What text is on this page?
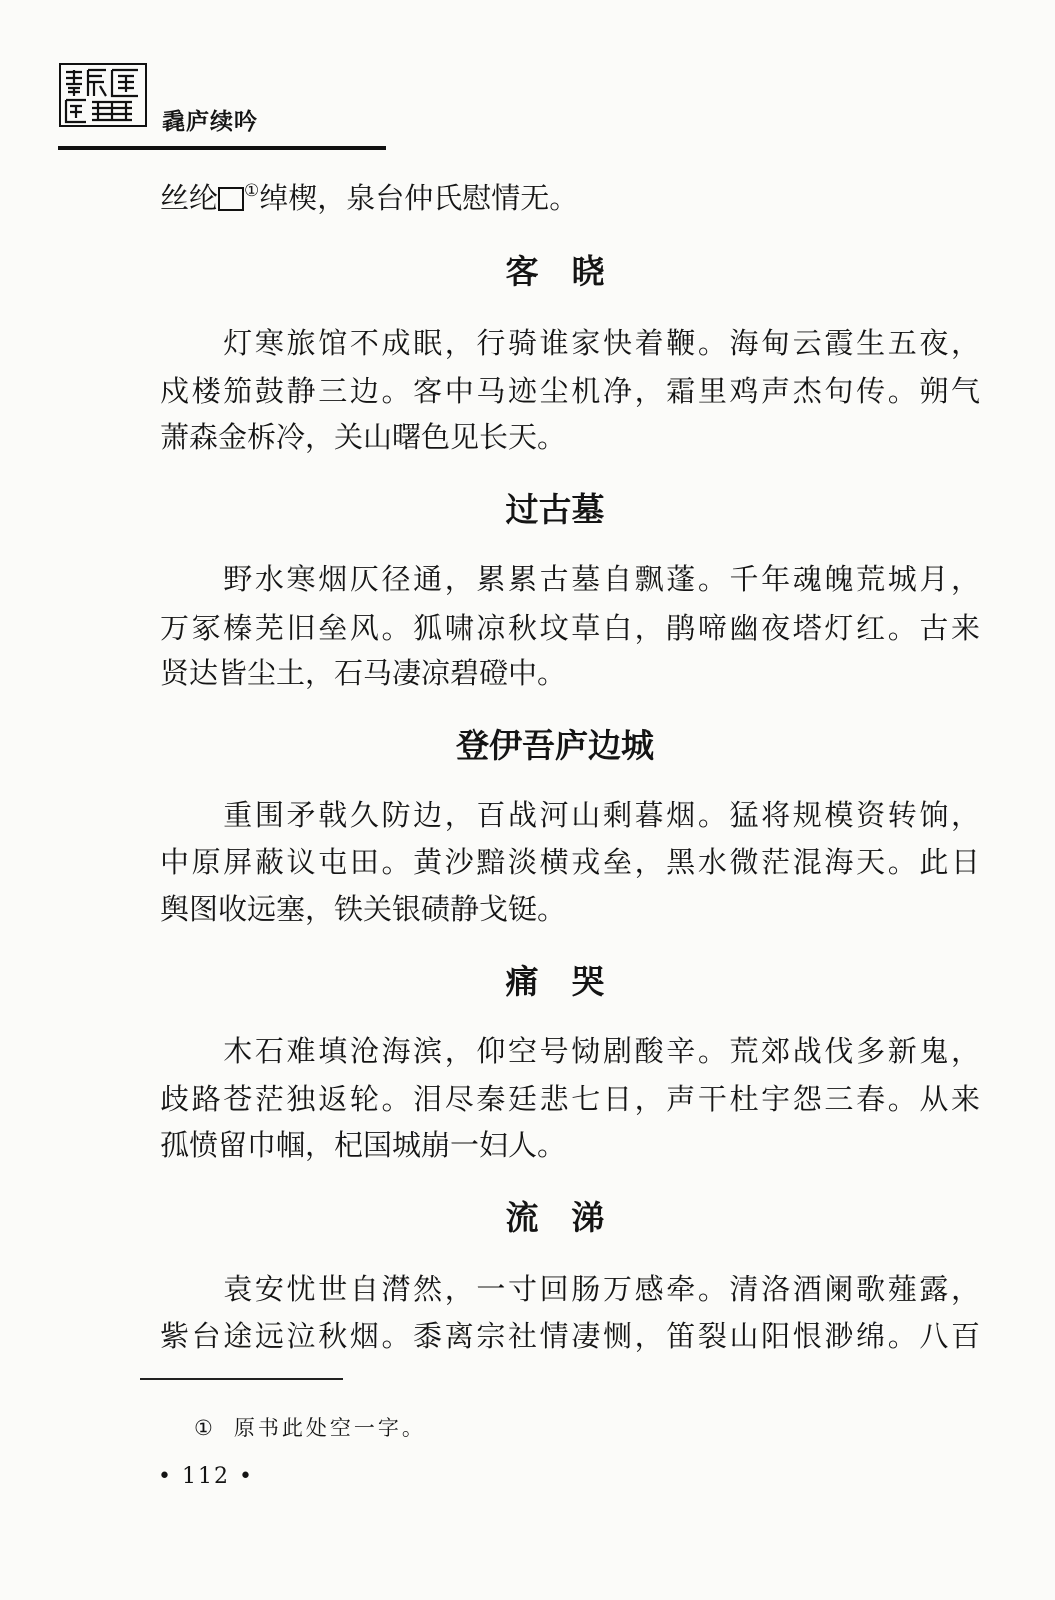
毳庐续吟
丝纶 ①绰楔，泉台仲氏慰情无。
客　晓
　　灯寒旅馆不成眠，行骑谁家快着鞭。海甸云霞生五夜，
戍楼笳鼓静三边。客中马迹尘机净，霜里鸡声杰句传。朔气
萧森金柝冷，关山曙色见长天。
过古墓
　　野水寒烟仄径通，累累古墓自飘蓬。千年魂魄荒城月，
万冢榛芜旧垒风。狐啸凉秋坟草白，鹃啼幽夜塔灯红。古来
贤达皆尘土，石马凄凉碧磴中。
登伊吾庐边城
　　重围矛戟久防边，百战河山剩暮烟。猛将规模资转饷，
中原屏蔽议屯田。黄沙黯淡横戎垒，黑水微茫混海天。此日
舆图收远塞，铁关银碛静戈铤。
痛　哭
　　木石难填沧海滨，仰空号恸剧酸辛。荒郊战伐多新鬼，
歧路苍茫独返轮。泪尽秦廷悲七日，声干杜宇怨三春。从来
孤愤留巾帼，杞国城崩一妇人。
流　涕
　　袁安忧世自潸然，一寸回肠万感牵。清洛酒阑歌薤露，
紫台途远泣秋烟。黍离宗社情凄恻，笛裂山阳恨渺绵。八百
① 原书此处空一字。
• 112 •
